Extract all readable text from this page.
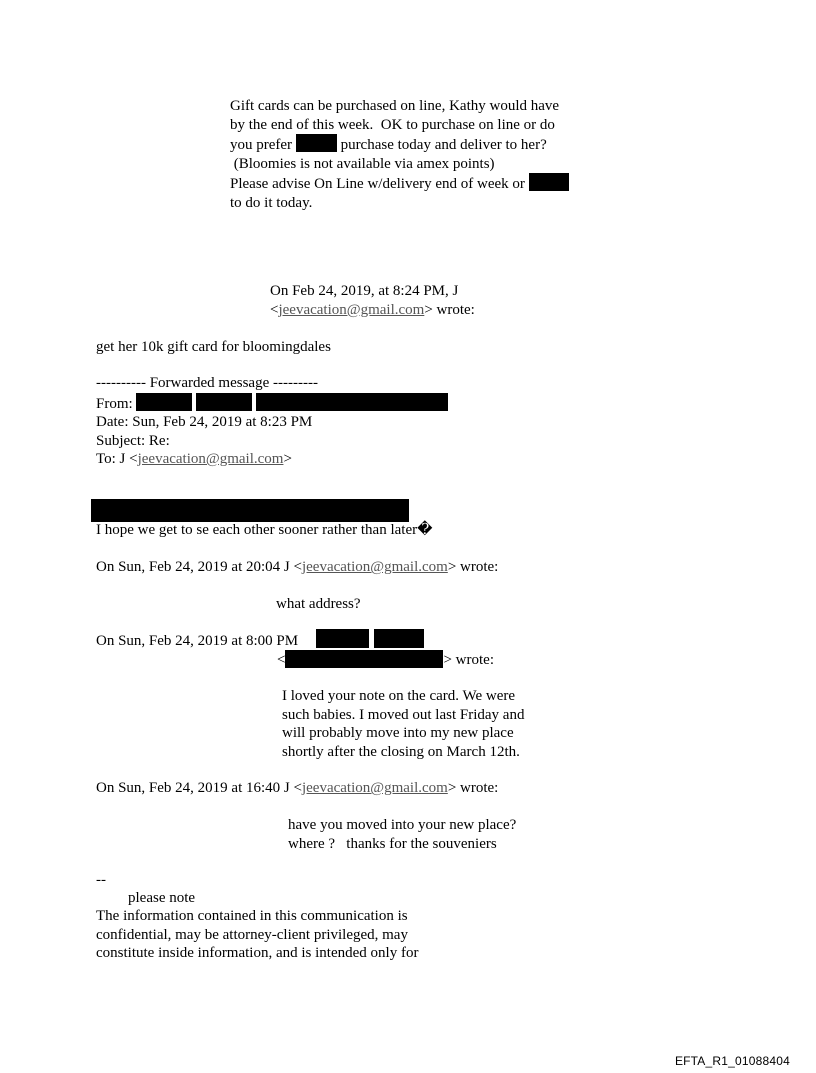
Gift cards can be purchased on line, Kathy would have
by the end of this week.  OK to purchase on line or do
you prefer	purchase today and deliver to her?
(Bloomies is not available via amex points)
Please advise On Line w/delivery end of week or
to do it today.
On Feb 24, 2019, at 8:24 PM, J
<jeevacation@gmail.com> wrote:
get her 10k gift card for bloomingdales
---------- Forwarded message ---------
From:
Date: Sun, Feb 24, 2019 at 8:23 PM
Subject: Re:
To: J <jeevacation@gmail.com>
I hope we get to se each other sooner rather than later�
On Sun, Feb 24, 2019 at 20:04 J <jeevacation@gmail.com> wrote:
what address?
On Sun, Feb 24, 2019 at 8:00 PM
<	> wrote:
I loved your note on the card. We were
such babies. I moved out last Friday and
will probably move into my new place
shortly after the closing on March 12th.
On Sun, Feb 24, 2019 at 16:40 J <jeevacation@gmail.com> wrote:
have you moved into your new place?
where ?   thanks for the souveniers
--
please note
The information contained in this communication is
confidential, may be attorney-client privileged, may
constitute inside information, and is intended only for
EFTA_R1_01088404
